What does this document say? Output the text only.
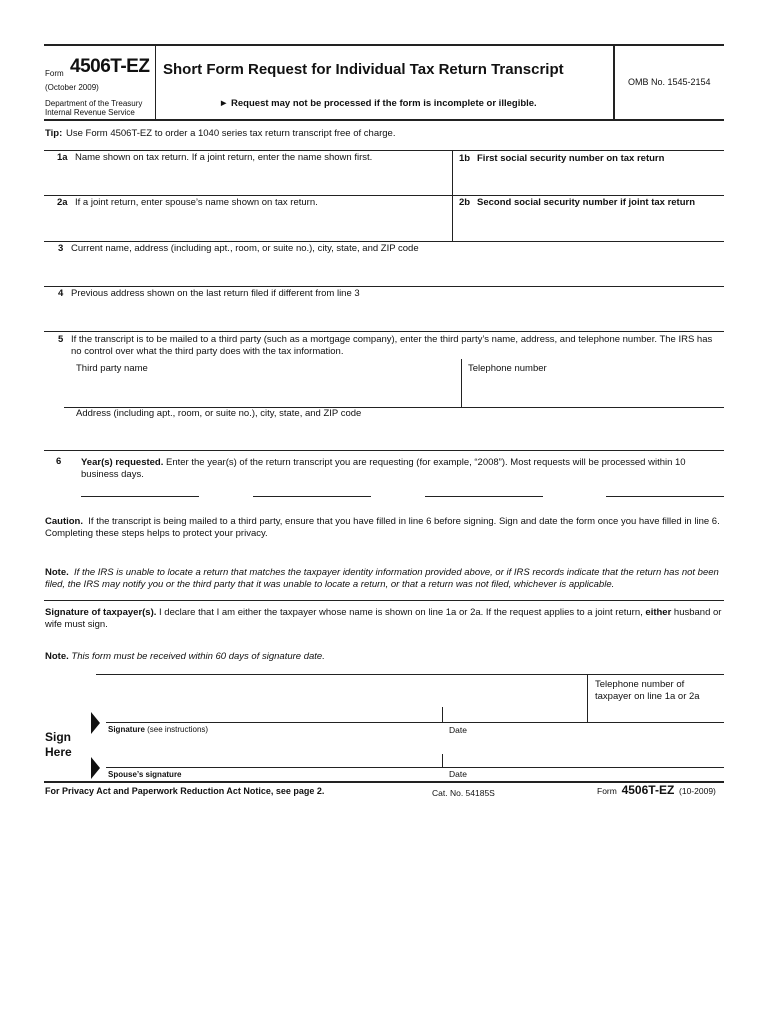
Form 4506T-EZ
(October 2009)
Department of the Treasury
Internal Revenue Service
Short Form Request for Individual Tax Return Transcript
► Request may not be processed if the form is incomplete or illegible.
OMB No. 1545-2154
Tip: Use Form 4506T-EZ to order a 1040 series tax return transcript free of charge.
1a Name shown on tax return. If a joint return, enter the name shown first.	1b First social security number on tax return
2a If a joint return, enter spouse’s name shown on tax return.	2b Second social security number if joint tax return
3 Current name, address (including apt., room, or suite no.), city, state, and ZIP code
4 Previous address shown on the last return filed if different from line 3
5 If the transcript is to be mailed to a third party (such as a mortgage company), enter the third party’s name, address, and telephone number. The IRS has no control over what the third party does with the tax information.
Third party name	Telephone number
Address (including apt., room, or suite no.), city, state, and ZIP code
6 Year(s) requested. Enter the year(s) of the return transcript you are requesting (for example, “2008”). Most requests will be processed within 10 business days.
Caution. If the transcript is being mailed to a third party, ensure that you have filled in line 6 before signing. Sign and date the form once you have filled in line 6. Completing these steps helps to protect your privacy.
Note. If the IRS is unable to locate a return that matches the taxpayer identity information provided above, or if IRS records indicate that the return has not been filed, the IRS may notify you or the third party that it was unable to locate a return, or that a return was not filed, whichever is applicable.
Signature of taxpayer(s). I declare that I am either the taxpayer whose name is shown on line 1a or 2a. If the request applies to a joint return, either husband or wife must sign.
Note. This form must be received within 60 days of signature date.
Telephone number of taxpayer on line 1a or 2a
Sign
Here
Signature (see instructions)	Date
Spouse’s signature	Date
For Privacy Act and Paperwork Reduction Act Notice, see page 2.	Cat. No. 54185S	Form 4506T-EZ (10-2009)
